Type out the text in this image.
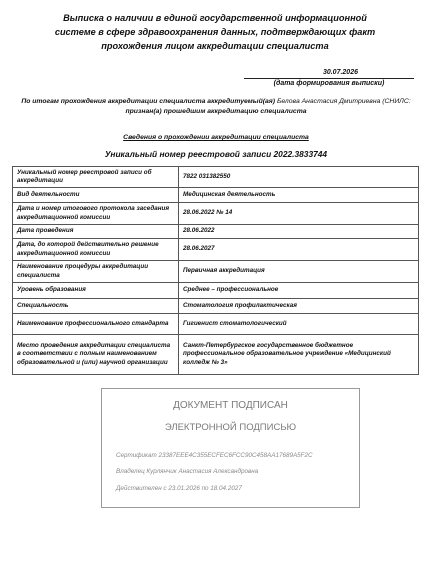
Выписка о наличии в единой государственной информационной
системе в сфере здравоохранения данных, подтверждающих факт
прохождения лицом аккредитации специалиста
30.07.2026
(дата формирования выписки)
По итогам прохождения аккредитации специалиста аккредитуемый(ая) Белова Анастасия Дмитриевна (СНИЛС:
признан(а) прошедшим аккредитацию специалиста
Сведения о прохождении аккредитации специалиста
Уникальный номер реестровой записи 2022.3833744
Уникальный номер реестровой записи об аккредитации	7822 031382550
Вид деятельности	Медицинская деятельность
Дата и номер итогового протокола заседания аккредитационной комиссии	28.06.2022 № 14
Дата проведения	28.06.2022
Дата, до которой действительно решение аккредитационной комиссии	28.06.2027
Наименование процедуры аккредитации специалиста	Первичная аккредитация
Уровень образования	Среднее – профессиональное
Специальность	Стоматология профилактическая
Наименование профессионального стандарта	Гигиенист стоматологический
Место проведения аккредитации специалиста в соответствии с полным наименованием образовательной и (или) научной организации	Санкт-Петербургское государственное бюджетное профессиональное образовательное учреждение «Медицинский колледж № 3»
ДОКУМЕНТ ПОДПИСАН
ЭЛЕКТРОННОЙ ПОДПИСЬЮ
Сертификат 23387EEE4C355ECFEC6FCC90C458AA17689A5F2C
Владелец Курлянчик Анастасия Александровна
Действителен с 23.01.2026 по 18.04.2027
